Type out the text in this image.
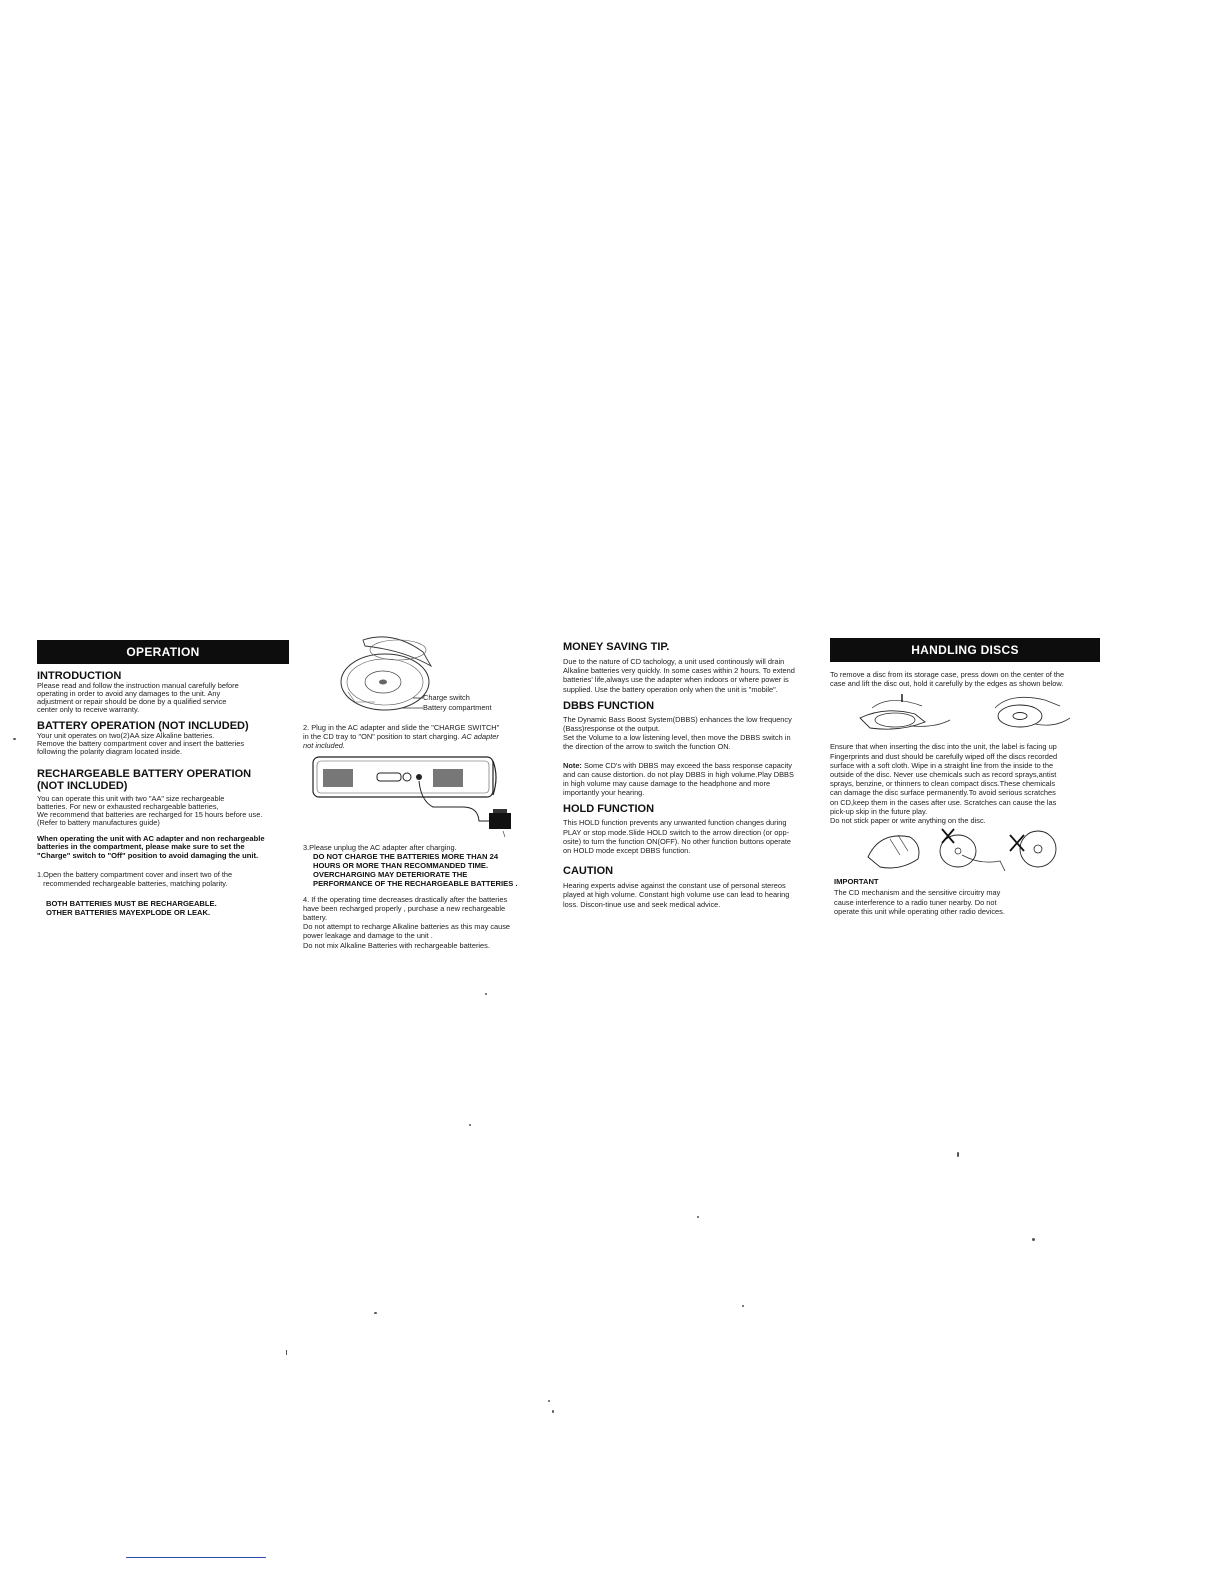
OPERATION

INTRODUCTION

Please read and follow the instruction manual carefully before

operating in order to avoid any damages to the unit. Any

adjustment or repair should be done by a qualified service

center only to receive warranty.

BATTERY OPERATION (NOT INCLUDED)

Your unit operates on two(2)AA size Alkaline batteries.

Remove the battery compartment cover and insert the batteries

following the polarity diagram located inside.

RECHARGEABLE BATTERY OPERATION

(NOT INCLUDED)

You can operate this unit with two "AA" size rechargeable

batteries. For new or exhausted rechargeable batteries,

We recommend that batteries are recharged for 15 hours before use.

(Refer to battery manufactures guide)

When operating the unit with AC adapter and non rechargeable

batteries in the compartment, please make sure to set the

"Charge" switch to "Off" position to avoid damaging the unit.

1.Open the battery compartment cover and insert two of the

recommended rechargeable batteries, matching polarity.

BOTH BATTERIES MUST BE RECHARGEABLE.

OTHER BATTERIES MAYEXPLODE OR LEAK.

Charge switch
Battery compartment

2. Plug in the AC adapter and slide the "CHARGE SWITCH"

in the CD tray to "ON" position to start charging. AC adapter

not included.

3.Please unplug the AC adapter after charging.

DO NOT CHARGE THE BATTERIES MORE THAN 24

HOURS OR MORE THAN RECOMMANDED TIME.

OVERCHARGING MAY DETERIORATE THE

PERFORMANCE OF THE RECHARGEABLE BATTERIES .

4. If the operating time decreases drastically after the batteries

have been recharged properly , purchase a new rechargeable

battery.

Do not attempt to recharge Alkaline batteries as this may cause

power leakage and damage to the unit .

Do not mix Alkaline Batteries with rechargeable batteries.

MONEY SAVING TIP.

Due to the nature of CD tachology, a unit used continously will drain

Alkaline batteries very quickly. In some cases within 2 hours. To extend

batteries' life,always use the adapter when indoors or where power is

supplied. Use the battery operation only when the unit is "mobile".

DBBS FUNCTION

The Dynamic Bass Boost System(DBBS) enhances the low frequency

(Bass)response ot the output.

Set the Volume to a low listening level, then move the DBBS switch in

the direction of the arrow to switch the function ON.

Note: Some CD's with DBBS may exceed the bass response capacity

and can cause distortion. do not play DBBS in high volume.Play DBBS

in high volume may cause damage to the headphone and more

importantly your hearing.

HOLD FUNCTION

This HOLD function prevents any unwanted function changes during

PLAY or stop mode.Slide HOLD switch to the arrow direction (or opp-

osite) to turn the function ON(OFF). No other function buttons operate

on HOLD mode except DBBS function.

CAUTION

Hearing experts advise against the constant use of personal stereos

played at high volume. Constant high volume use can lead to hearing

loss. Discon-tinue use and seek medical advice.

HANDLING DISCS

To remove a disc from its storage case, press down on the center of the

case and lift the disc out, hold it carefully by the edges as shown below.

Ensure that when inserting the disc into the unit, the label is facing up

Fingerprints and dust should be carefully wiped off the discs recorded

surface with a soft cloth. Wipe in a straight line from the inside to the

outside of the disc. Never use chemicals such as record sprays,antist

sprays, benzine, or thinners to clean compact discs.These chemicals

can damage the disc surface permanently.To avoid serious scratches

on CD,keep them in the cases after use. Scratches can cause the las

pick-up skip in the future play.

Do not stick paper or write anything on the disc.

IMPORTANT

The CD mechanism and the sensitive circuitry may

cause interference to a radio tuner nearby. Do not

operate this unit while operating other radio devices.
